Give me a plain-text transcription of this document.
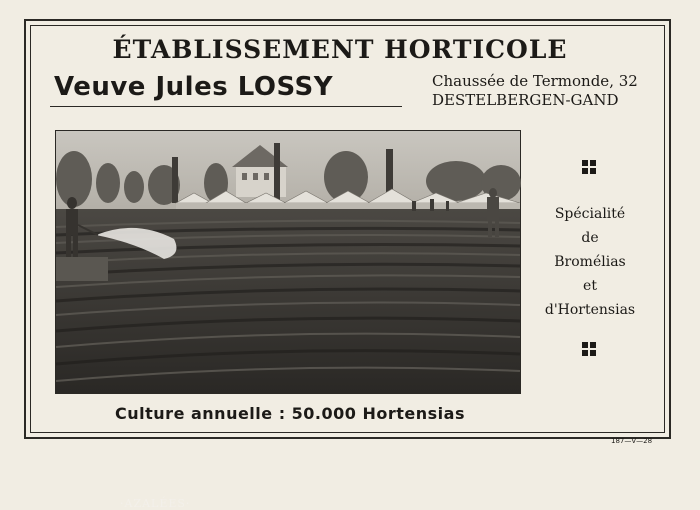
ÉTABLISSEMENT HORTICOLE
Veuve Jules LOSSY	Chaussée de Termonde, 32
DESTELBERGEN-GAND
·AZALÉES·
Spécialité
de
Bromélias
et
d'Hortensias
Culture annuelle : 50.000 Hortensias
187—V—28
